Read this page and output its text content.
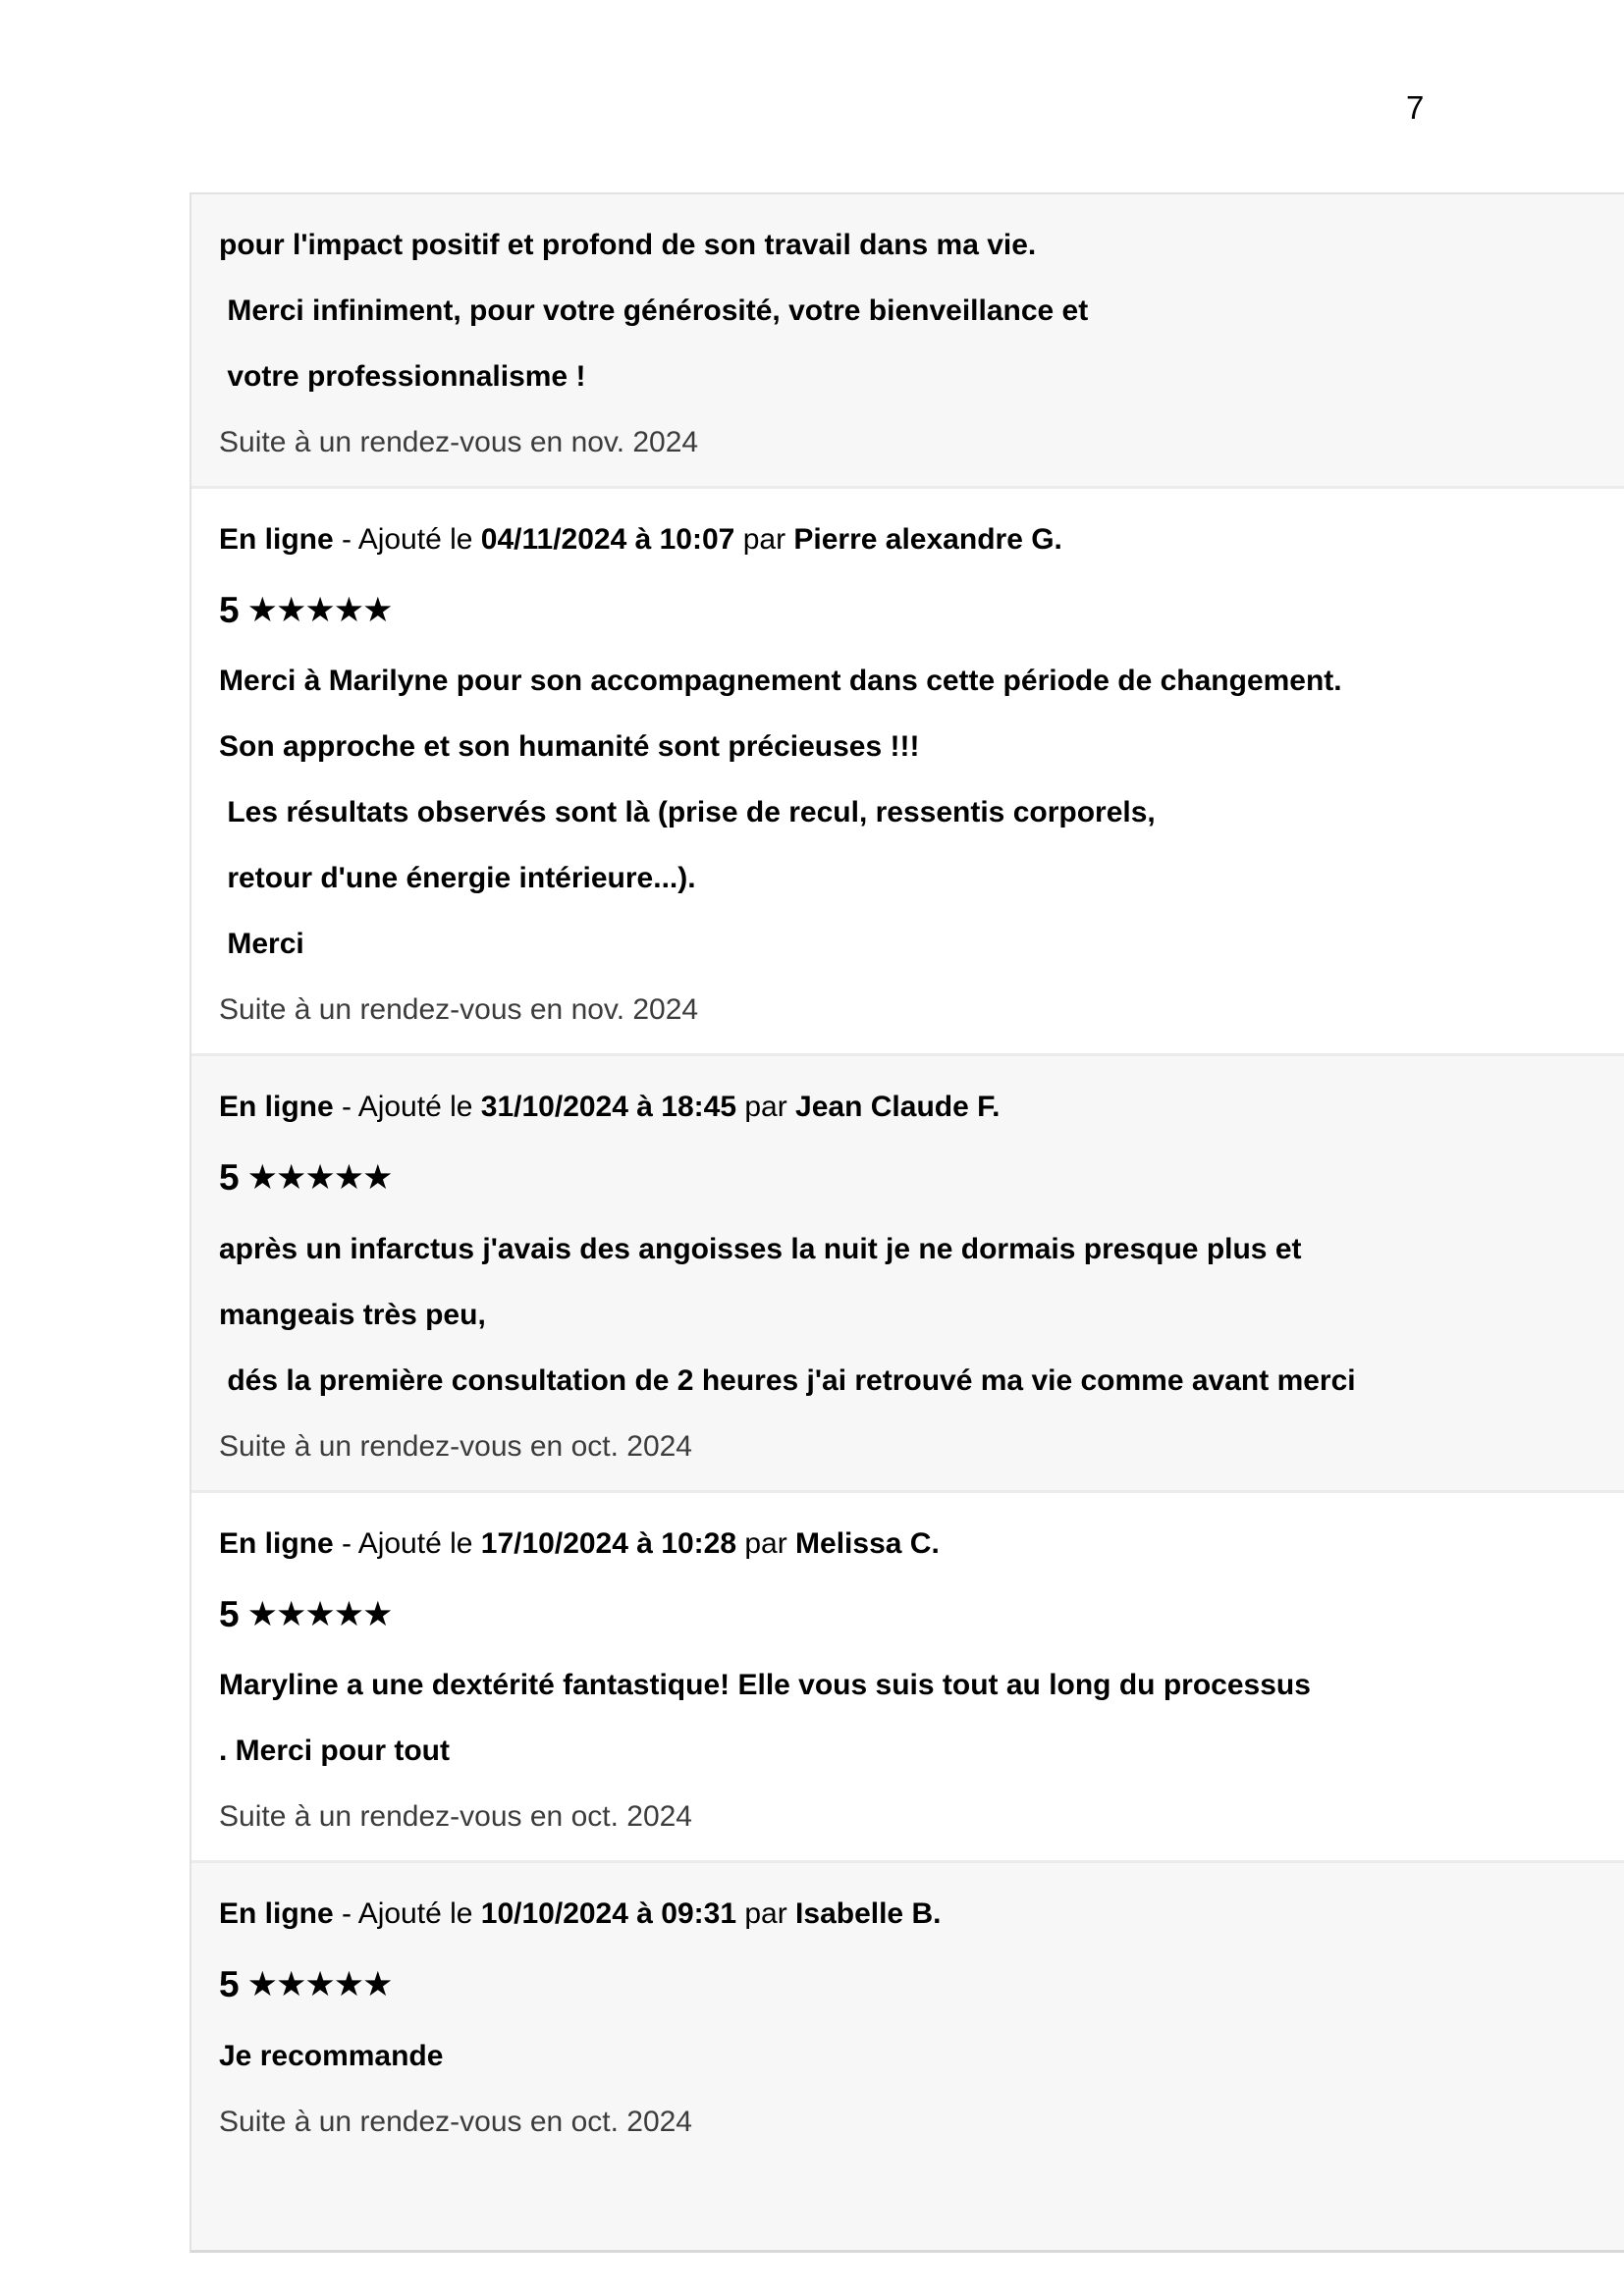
7

pour l'impact positif et profond de son travail dans ma vie.

Merci infiniment, pour votre générosité, votre bienveillance et

votre professionnalisme !

Suite à un rendez-vous en nov. 2024

En ligne - Ajouté le 04/11/2024 à 10:07 par Pierre alexandre G.

5 ★★★★★

Merci à Marilyne pour son accompagnement dans cette période de changement.

Son approche et son humanité sont précieuses !!!

Les résultats observés sont là (prise de recul, ressentis corporels,

retour d'une énergie intérieure...).

Merci

Suite à un rendez-vous en nov. 2024

En ligne - Ajouté le 31/10/2024 à 18:45 par Jean Claude F.

5 ★★★★★

après un infarctus j'avais des angoisses la nuit je ne dormais presque plus et

mangeais très peu,

dés la première consultation de 2 heures j'ai retrouvé ma vie comme avant merci

Suite à un rendez-vous en oct. 2024

En ligne - Ajouté le 17/10/2024 à 10:28 par Melissa C.

5 ★★★★★

Maryline a une dextérité fantastique! Elle vous suis tout au long du processus

. Merci pour tout

Suite à un rendez-vous en oct. 2024

En ligne - Ajouté le 10/10/2024 à 09:31 par Isabelle B.

5 ★★★★★

Je recommande

Suite à un rendez-vous en oct. 2024
